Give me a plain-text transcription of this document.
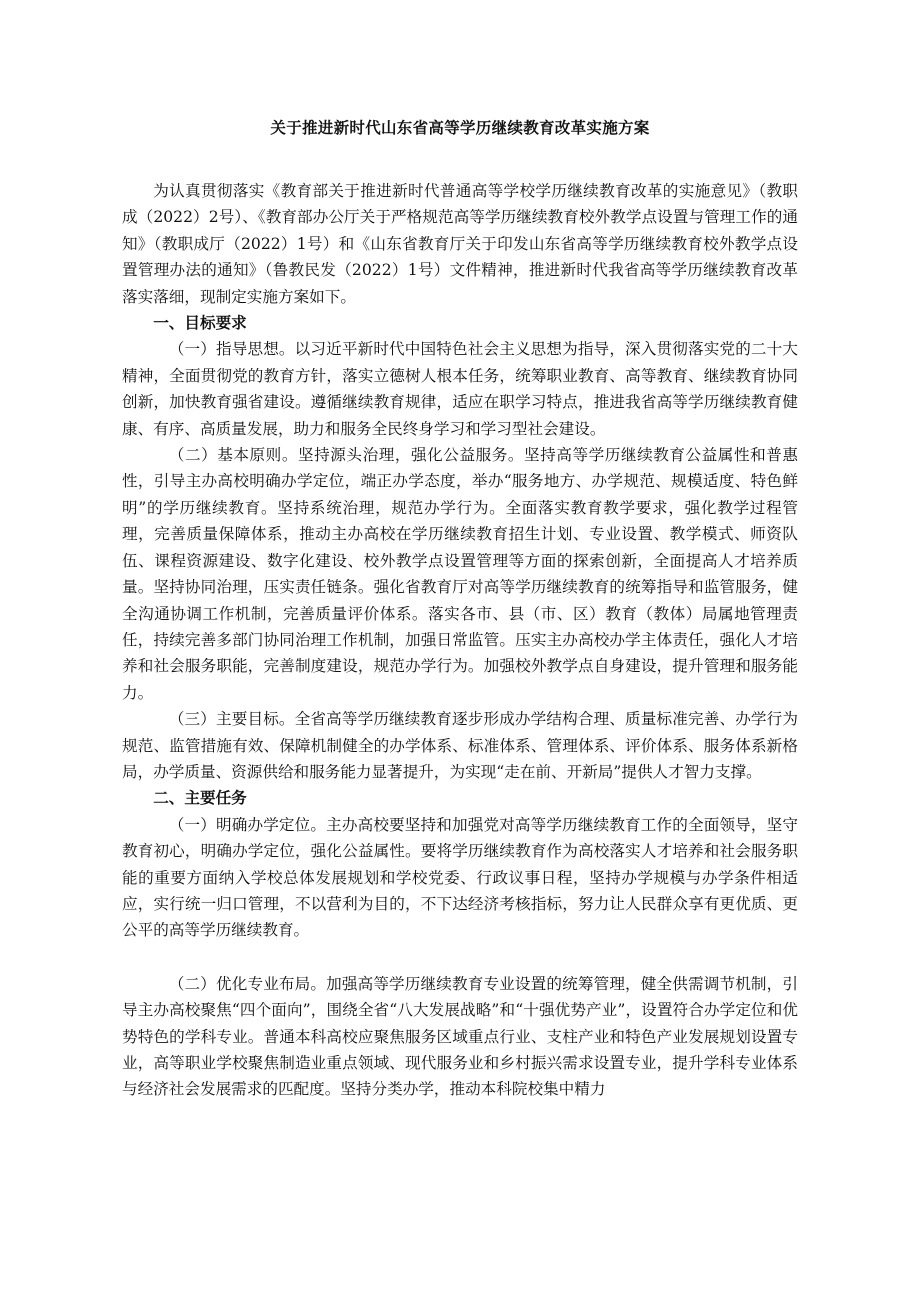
关于推进新时代山东省高等学历继续教育改革实施方案

为认真贯彻落实《教育部关于推进新时代普通高等学校学历继续教育改革的实施意见》（教职成（2022）2号）、《教育部办公厅关于严格规范高等学历继续教育校外教学点设置与管理工作的通知》（教职成厅（2022）1号）和《山东省教育厅关于印发山东省高等学历继续教育校外教学点设置管理办法的通知》（鲁教民发（2022）1号）文件精神，推进新时代我省高等学历继续教育改革落实落细，现制定实施方案如下。

一、目标要求

（一）指导思想。以习近平新时代中国特色社会主义思想为指导，深入贯彻落实党的二十大精神，全面贯彻党的教育方针，落实立德树人根本任务，统筹职业教育、高等教育、继续教育协同创新，加快教育强省建设。遵循继续教育规律，适应在职学习特点，推进我省高等学历继续教育健康、有序、高质量发展，助力和服务全民终身学习和学习型社会建设。

（二）基本原则。坚持源头治理，强化公益服务。坚持高等学历继续教育公益属性和普惠性，引导主办高校明确办学定位，端正办学态度，举办“服务地方、办学规范、规模适度、特色鲜明”的学历继续教育。坚持系统治理，规范办学行为。全面落实教育教学要求，强化教学过程管理，完善质量保障体系，推动主办高校在学历继续教育招生计划、专业设置、教学模式、师资队伍、课程资源建设、数字化建设、校外教学点设置管理等方面的探索创新，全面提高人才培养质量。坚持协同治理，压实责任链条。强化省教育厅对高等学历继续教育的统筹指导和监管服务，健全沟通协调工作机制，完善质量评价体系。落实各市、县（市、区）教育（教体）局属地管理责任，持续完善多部门协同治理工作机制，加强日常监管。压实主办高校办学主体责任，强化人才培养和社会服务职能，完善制度建设，规范办学行为。加强校外教学点自身建设，提升管理和服务能力。

（三）主要目标。全省高等学历继续教育逐步形成办学结构合理、质量标准完善、办学行为规范、监管措施有效、保障机制健全的办学体系、标准体系、管理体系、评价体系、服务体系新格局，办学质量、资源供给和服务能力显著提升，为实现“走在前、开新局”提供人才智力支撑。

二、主要任务

（一）明确办学定位。主办高校要坚持和加强党对高等学历继续教育工作的全面领导，坚守教育初心，明确办学定位，强化公益属性。要将学历继续教育作为高校落实人才培养和社会服务职能的重要方面纳入学校总体发展规划和学校党委、行政议事日程，坚持办学规模与办学条件相适应，实行统一归口管理，不以营利为目的，不下达经济考核指标，努力让人民群众享有更优质、更公平的高等学历继续教育。

（二）优化专业布局。加强高等学历继续教育专业设置的统筹管理，健全供需调节机制，引导主办高校聚焦“四个面向”，围绕全省“八大发展战略”和“十强优势产业”，设置符合办学定位和优势特色的学科专业。普通本科高校应聚焦服务区域重点行业、支柱产业和特色产业发展规划设置专业，高等职业学校聚焦制造业重点领域、现代服务业和乡村振兴需求设置专业，提升学科专业体系与经济社会发展需求的匹配度。坚持分类办学，推动本科院校集中精力
